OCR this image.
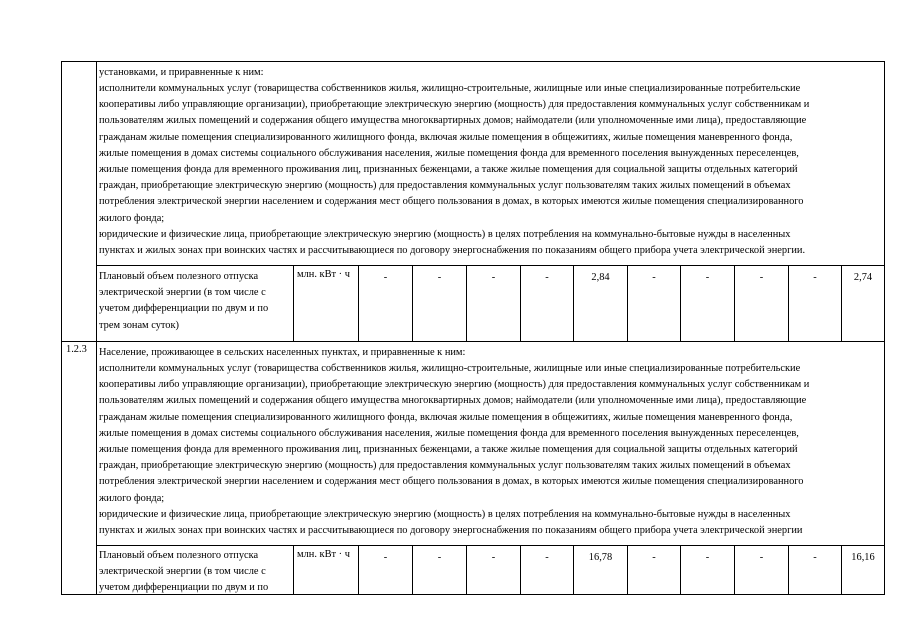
установками, и приравненные к ним:
исполнители коммунальных услуг (товарищества собственников жилья, жилищно-строительные, жилищные или иные специализированные потребительские
кооперативы либо управляющие организации), приобретающие электрическую энергию (мощность) для предоставления коммунальных услуг собственникам и
пользователям жилых помещений и содержания общего имущества многоквартирных домов; наймодатели (или уполномоченные ими лица), предоставляющие
гражданам жилые помещения специализированного жилищного фонда, включая жилые помещения в общежитиях, жилые помещения маневренного фонда,
жилые помещения в домах системы социального обслуживания населения, жилые помещения фонда для временного поселения вынужденных переселенцев,
жилые помещения фонда для временного проживания лиц, признанных беженцами, а также жилые помещения для социальной защиты отдельных категорий
граждан, приобретающие электрическую энергию (мощность) для предоставления коммунальных услуг пользователям таких жилых помещений в объемах
потребления электрической энергии населением и содержания мест общего пользования в домах, в которых имеются жилые помещения специализированного
жилого фонда;
юридические и физические лица, приобретающие электрическую энергию (мощность) в целях потребления на коммунально-бытовые нужды в населенных
пунктах и жилых зонах при воинских частях и рассчитывающиеся по договору энергоснабжения по показаниям общего прибора учета электрической энергии.
Плановый объем полезного отпуска
электрической энергии (в том числе с
учетом дифференциации по двум и по
трем зонам суток)
млн. кВт · ч	-	-	-	-	2,84	-	-	-	-	2,74
1.2.3 Население, проживающее в сельских населенных пунктах, и приравненные к ним:
исполнители коммунальных услуг (товарищества собственников жилья, жилищно-строительные, жилищные или иные специализированные потребительские
кооперативы либо управляющие организации), приобретающие электрическую энергию (мощность) для предоставления коммунальных услуг собственникам и
пользователям жилых помещений и содержания общего имущества многоквартирных домов; наймодатели (или уполномоченные ими лица), предоставляющие
гражданам жилые помещения специализированного жилищного фонда, включая жилые помещения в общежитиях, жилые помещения маневренного фонда,
жилые помещения в домах системы социального обслуживания населения, жилые помещения фонда для временного поселения вынужденных переселенцев,
жилые помещения фонда для временного проживания лиц, признанных беженцами, а также жилые помещения для социальной защиты отдельных категорий
граждан, приобретающие электрическую энергию (мощность) для предоставления коммунальных услуг пользователям таких жилых помещений в объемах
потребления электрической энергии населением и содержания мест общего пользования в домах, в которых имеются жилые помещения специализированного
жилого фонда;
юридические и физические лица, приобретающие электрическую энергию (мощность) в целях потребления на коммунально-бытовые нужды в населенных
пунктах и жилых зонах при воинских частях и рассчитывающиеся по договору энергоснабжения по показаниям общего прибора учета электрической энергии
Плановый объем полезного отпуска
электрической энергии (в том числе с
учетом дифференциации по двум и по
млн. кВт · ч	-	-	-	-	16,78	-	-	-	-	16,16
